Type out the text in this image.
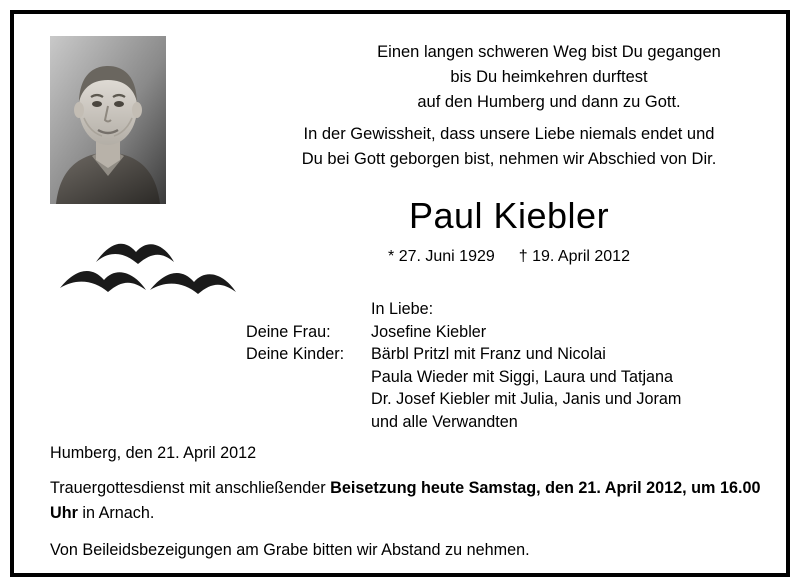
Einen langen schweren Weg bist Du gegangen
bis Du heimkehren durftest
auf den Humberg und dann zu Gott.
In der Gewissheit, dass unsere Liebe niemals endet und
Du bei Gott geborgen bist, nehmen wir Abschied von Dir.
Paul Kiebler
* 27. Juni 1929 † 19. April 2012
In Liebe:
Deine Frau:	Josefine Kiebler
Deine Kinder:	Bärbl Pritzl mit Franz und Nicolai
Paula Wieder mit Siggi, Laura und Tatjana
Dr. Josef Kiebler mit Julia, Janis und Joram
und alle Verwandten
Humberg, den 21. April 2012
Trauergottesdienst mit anschließender Beisetzung heute Samstag, den 21. April 2012, um 16.00 Uhr in Arnach.
Von Beileidsbezeigungen am Grabe bitten wir Abstand zu nehmen.
